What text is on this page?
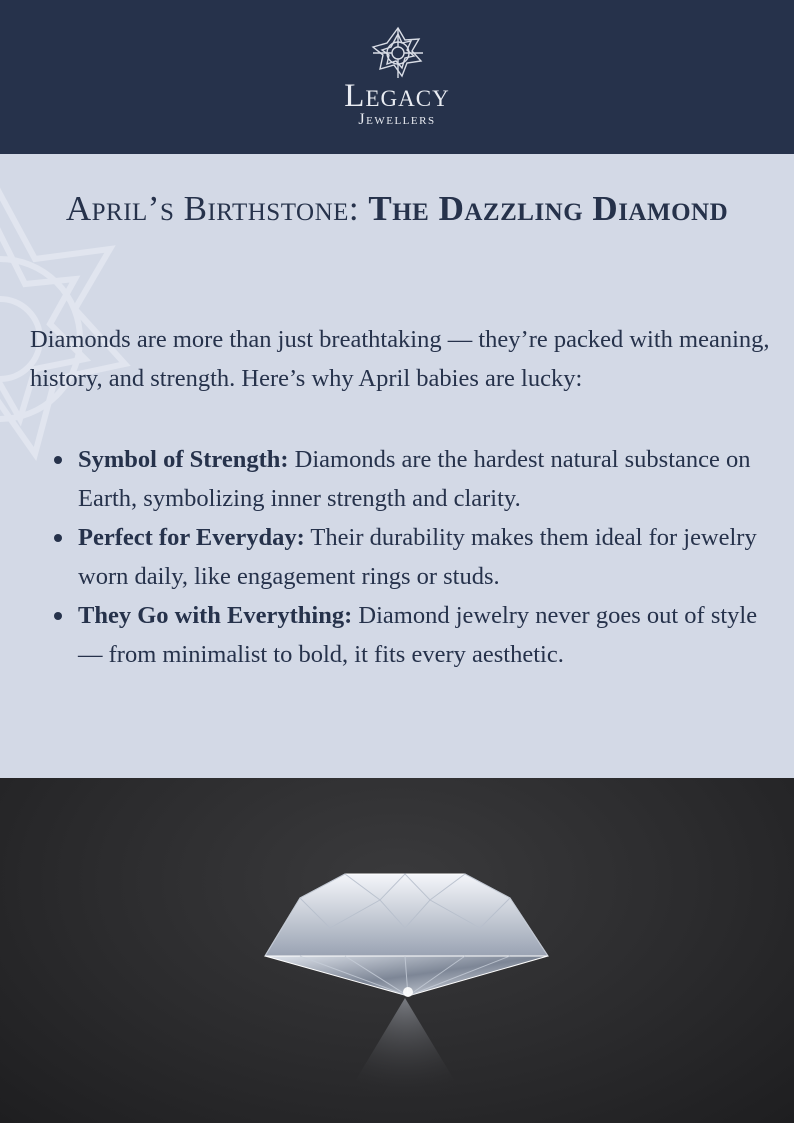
Legacy
Jewellers
April’s Birthstone: The Dazzling Diamond
Diamonds are more than just breathtaking — they’re packed with meaning, history, and strength. Here’s why April babies are lucky:
Symbol of Strength: Diamonds are the hardest natural substance on Earth, symbolizing inner strength and clarity.
Perfect for Everyday: Their durability makes them ideal for jewelry worn daily, like engagement rings or studs.
They Go with Everything: Diamond jewelry never goes out of style — from minimalist to bold, it fits every aesthetic.
